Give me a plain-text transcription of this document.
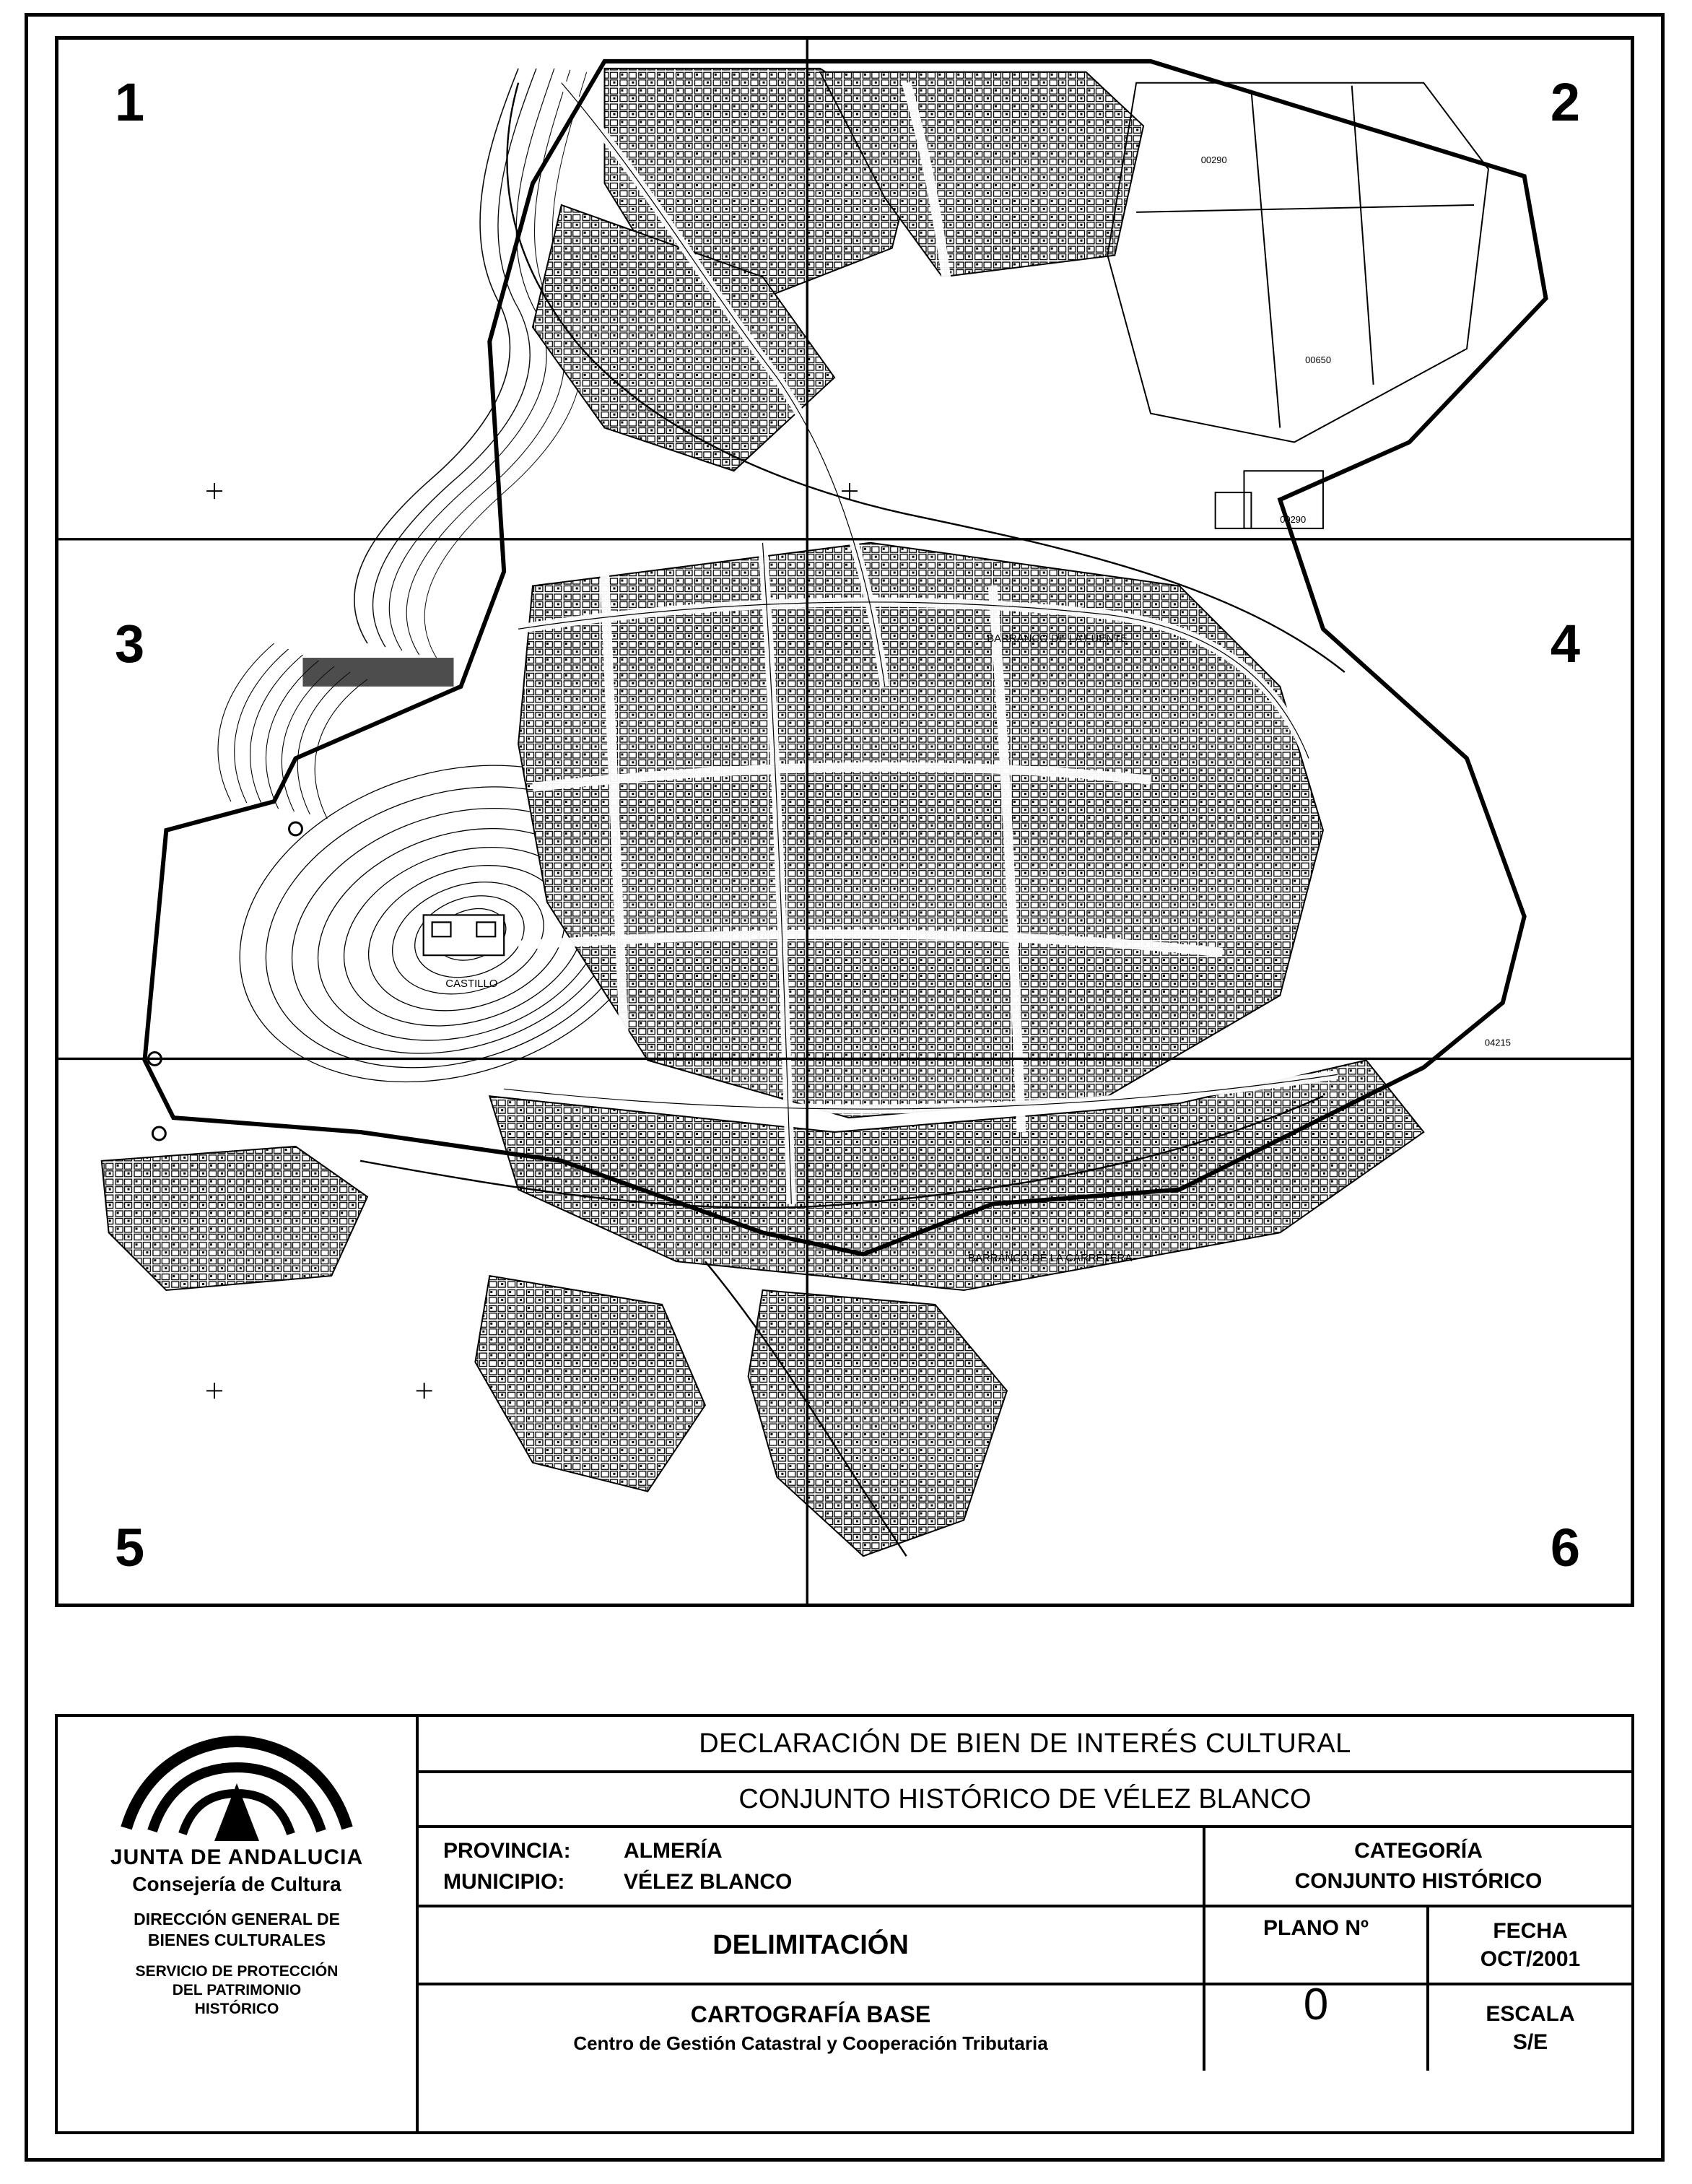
CASTILLO
BARRANCO DE LA FUENTE
BARRANCO DE LA CARRETERA
00290
00650
00290
04215
1	2
3	4
5	6
JUNTA DE ANDALUCIA
Consejería de Cultura
DIRECCIÓN GENERAL DE
BIENES CULTURALES
SERVICIO DE PROTECCIÓN
DEL PATRIMONIO
HISTÓRICO
DECLARACIÓN DE BIEN DE INTERÉS CULTURAL
CONJUNTO HISTÓRICO DE VÉLEZ BLANCO
PROVINCIA:	ALMERÍA
MUNICIPIO:	VÉLEZ BLANCO
CATEGORÍA
CONJUNTO HISTÓRICO
DELIMITACIÓN
PLANO Nº	FECHA
OCT/2001
CARTOGRAFÍA BASE
Centro de Gestión Catastral y Cooperación Tributaria
0	ESCALA
S/E
